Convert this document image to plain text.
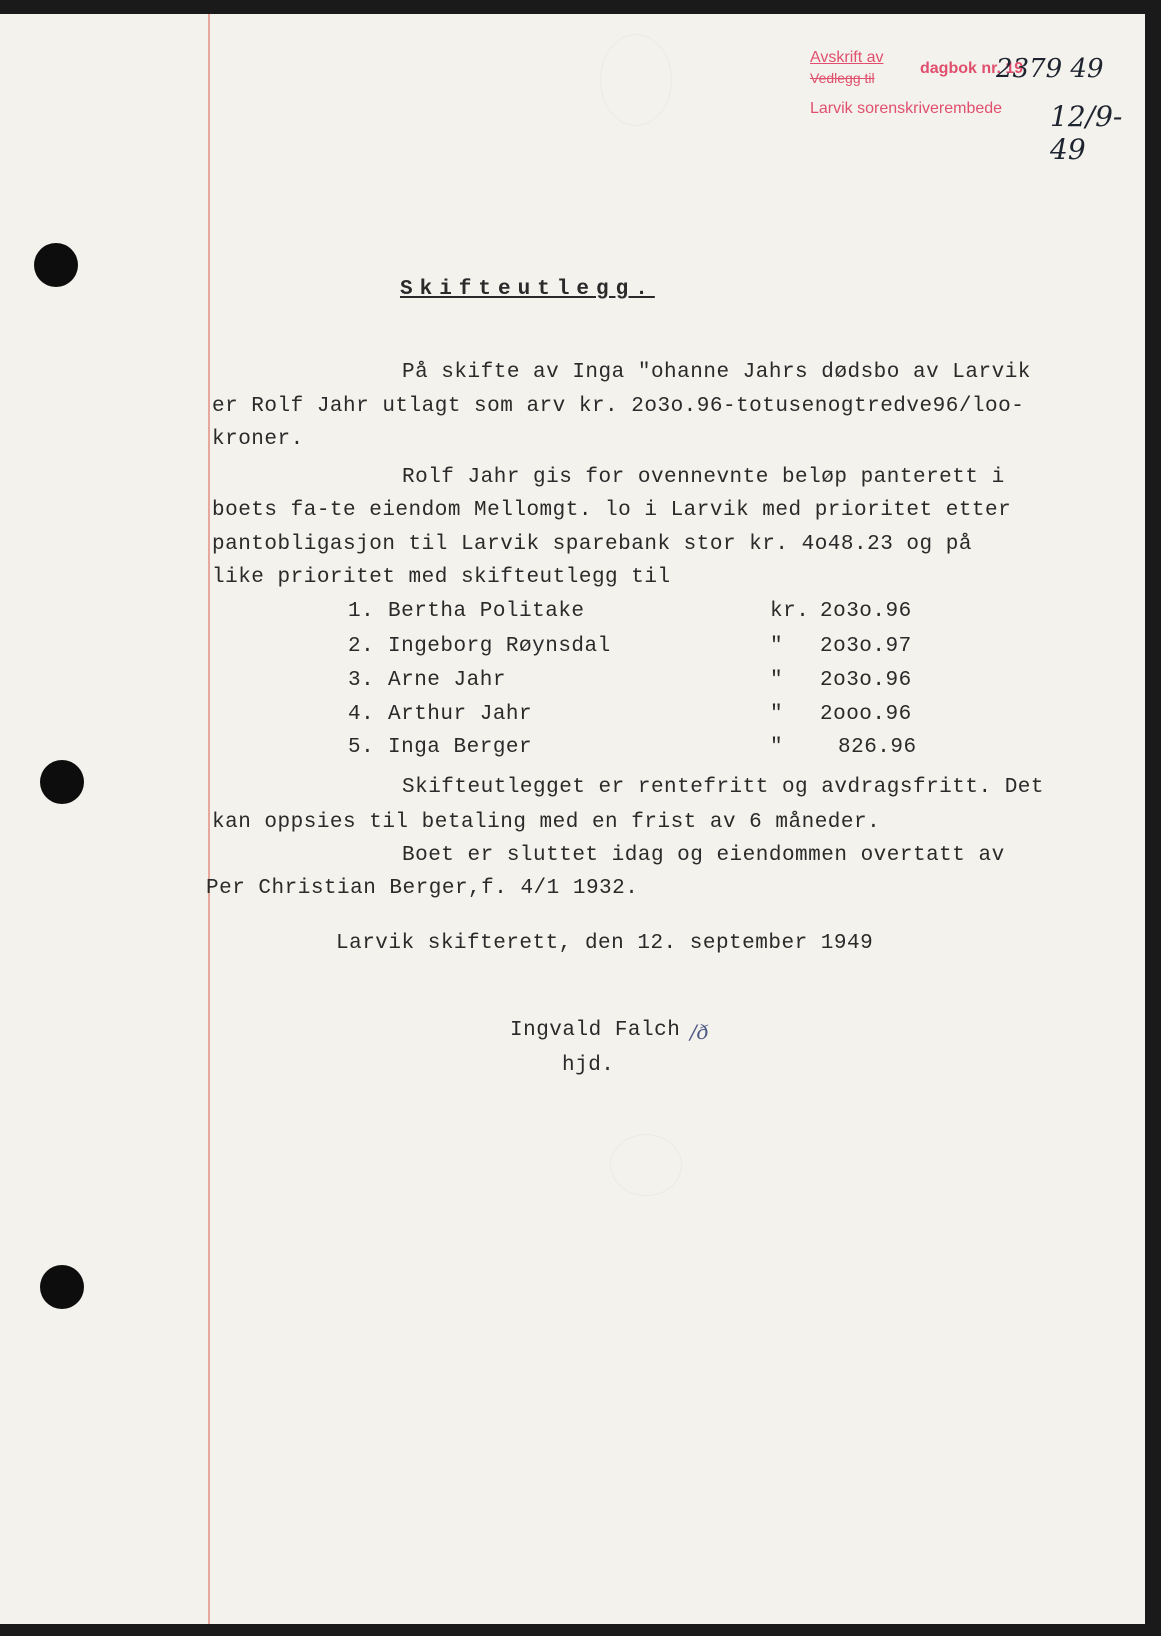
Avskrift av
Vedlegg til
dagbok nr. 19
Larvik sorenskriverembede
2379 49
12/9-49
Skifteutlegg.
På skifte av Inga "ohanne Jahrs dødsbo av Larvik
er Rolf Jahr utlagt som arv kr. 2o3o.96-totusenogtredve96/loo-
kroner.
Rolf Jahr gis for ovennevnte beløp panterett i
boets fa-te eiendom Mellomgt. lo i Larvik med prioritet etter
pantobligasjon til Larvik sparebank stor kr. 4o48.23 og på
like prioritet med skifteutlegg til
1. Bertha Politake	kr. 2o3o.96
2. Ingeborg Røynsdal	" 2o3o.97
3. Arne Jahr	" 2o3o.96
4. Arthur Jahr	" 2ooo.96
5. Inga Berger	"	826.96
Skifteutlegget er rentefritt og avdragsfritt. Det
kan oppsies til betaling med en frist av 6 måneder.
Boet er sluttet idag og eiendommen overtatt av
Per Christian Berger,f. 4/1 1932.
Larvik skifterett, den 12. september 1949
Ingvald Falch /ð
hjd.
